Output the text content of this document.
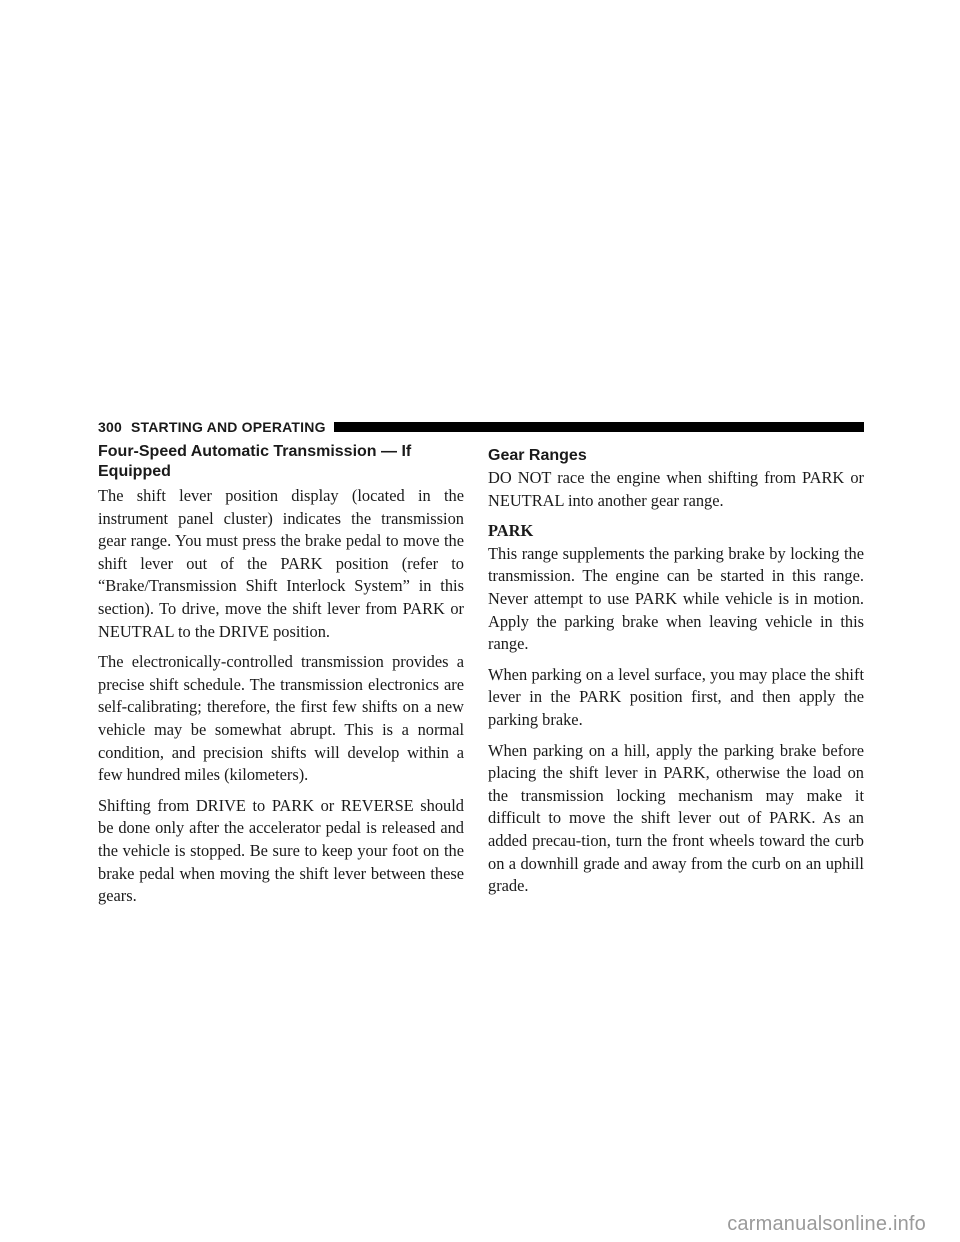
300 STARTING AND OPERATING
Four-Speed Automatic Transmission — If Equipped

The shift lever position display (located in the instrument panel cluster) indicates the transmission gear range. You must press the brake pedal to move the shift lever out of the PARK position (refer to “Brake/Transmission Shift Interlock System” in this section). To drive, move the shift lever from PARK or NEUTRAL to the DRIVE position.

The electronically-controlled transmission provides a precise shift schedule. The transmission electronics are self-calibrating; therefore, the first few shifts on a new vehicle may be somewhat abrupt. This is a normal condition, and precision shifts will develop within a few hundred miles (kilometers).

Shifting from DRIVE to PARK or REVERSE should be done only after the accelerator pedal is released and the vehicle is stopped. Be sure to keep your foot on the brake pedal when moving the shift lever between these gears.

Gear Ranges

DO NOT race the engine when shifting from PARK or NEUTRAL into another gear range.

PARK

This range supplements the parking brake by locking the transmission. The engine can be started in this range. Never attempt to use PARK while vehicle is in motion. Apply the parking brake when leaving vehicle in this range.

When parking on a level surface, you may place the shift lever in the PARK position first, and then apply the parking brake.

When parking on a hill, apply the parking brake before placing the shift lever in PARK, otherwise the load on the transmission locking mechanism may make it difficult to move the shift lever out of PARK. As an added precau-tion, turn the front wheels toward the curb on a downhill grade and away from the curb on an uphill grade.

carmanualsonline.info
